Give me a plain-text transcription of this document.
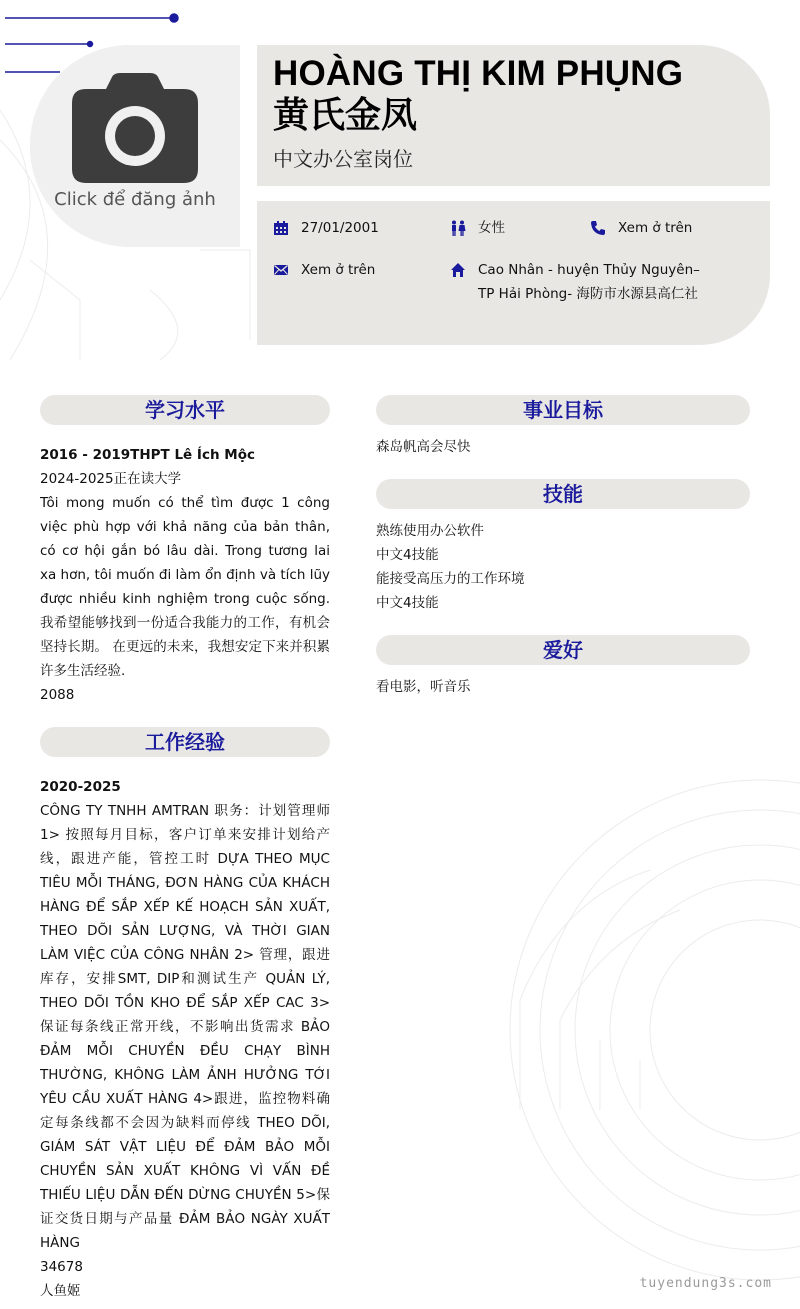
Click để đăng ảnh
HOÀNG THỊ KIM PHỤNG
黄氏金凤
中文办公室岗位
27/01/2001	女性	Xem ở trên
Xem ở trên	Cao Nhân - huyện Thủy Nguyên– TP Hải Phòng- 海防市水源县高仁社
学习水平
2016 - 2019THPT Lê Ích Mộc
2024-2025正在读大学
Tôi mong muốn có thể tìm được 1 công việc phù hợp với khả năng của bản thân, có cơ hội gắn bó lâu dài. Trong tương lai xa hơn, tôi muốn đi làm ổn định và tích lũy được nhiều kinh nghiệm trong cuộc sống. 我希望能够找到一份适合我能力的工作，有机会坚持长期。 在更远的未来，我想安定下来并积累许多生活经验.
2088
工作经验
2020-2025
CÔNG TY TNHH AMTRAN 职务：计划管理师 1> 按照每月目标，客户订单来安排计划给产线，跟进产能，管控工时 DỰA THEO MỤC TIÊU MỖI THÁNG, ĐƠN HÀNG CỦA KHÁCH HÀNG ĐỂ SẮP XẾP KẾ HOẠCH SẢN XUẤT, THEO DÕI SẢN LƯỢNG, VÀ THỜI GIAN LÀM VIỆC CỦA CÔNG NHÂN 2> 管理，跟进库存，安排SMT, DIP和测试生产 QUẢN LÝ, THEO DÕI TỒN KHO ĐỂ SẮP XẾP CAC 3> 保证每条线正常开线，不影响出货需求 BẢO ĐẢM MỖI CHUYỀN ĐỀU CHẠY BÌNH THƯỜNG, KHÔNG LÀM ẢNH HƯỞNG TỚI YÊU CẦU XUẤT HÀNG 4>跟进，监控物料确定每条线都不会因为缺料而停线 THEO DÕI, GIÁM SÁT VẬT LIỆU ĐỂ ĐẢM BẢO MỖI CHUYỀN SẢN XUẤT KHÔNG VÌ VẤN ĐỀ THIẾU LIỆU DẪN ĐẾN DỪNG CHUYỀN 5>保证交货日期与产品量 ĐẢM BẢO NGÀY XUẤT HÀNG
34678
人鱼姬
事业目标
森岛帆高会尽快
技能
熟练使用办公软件
中文4技能
能接受高压力的工作环境
中文4技能
爱好
看电影，听音乐
tuyendung3s.com
